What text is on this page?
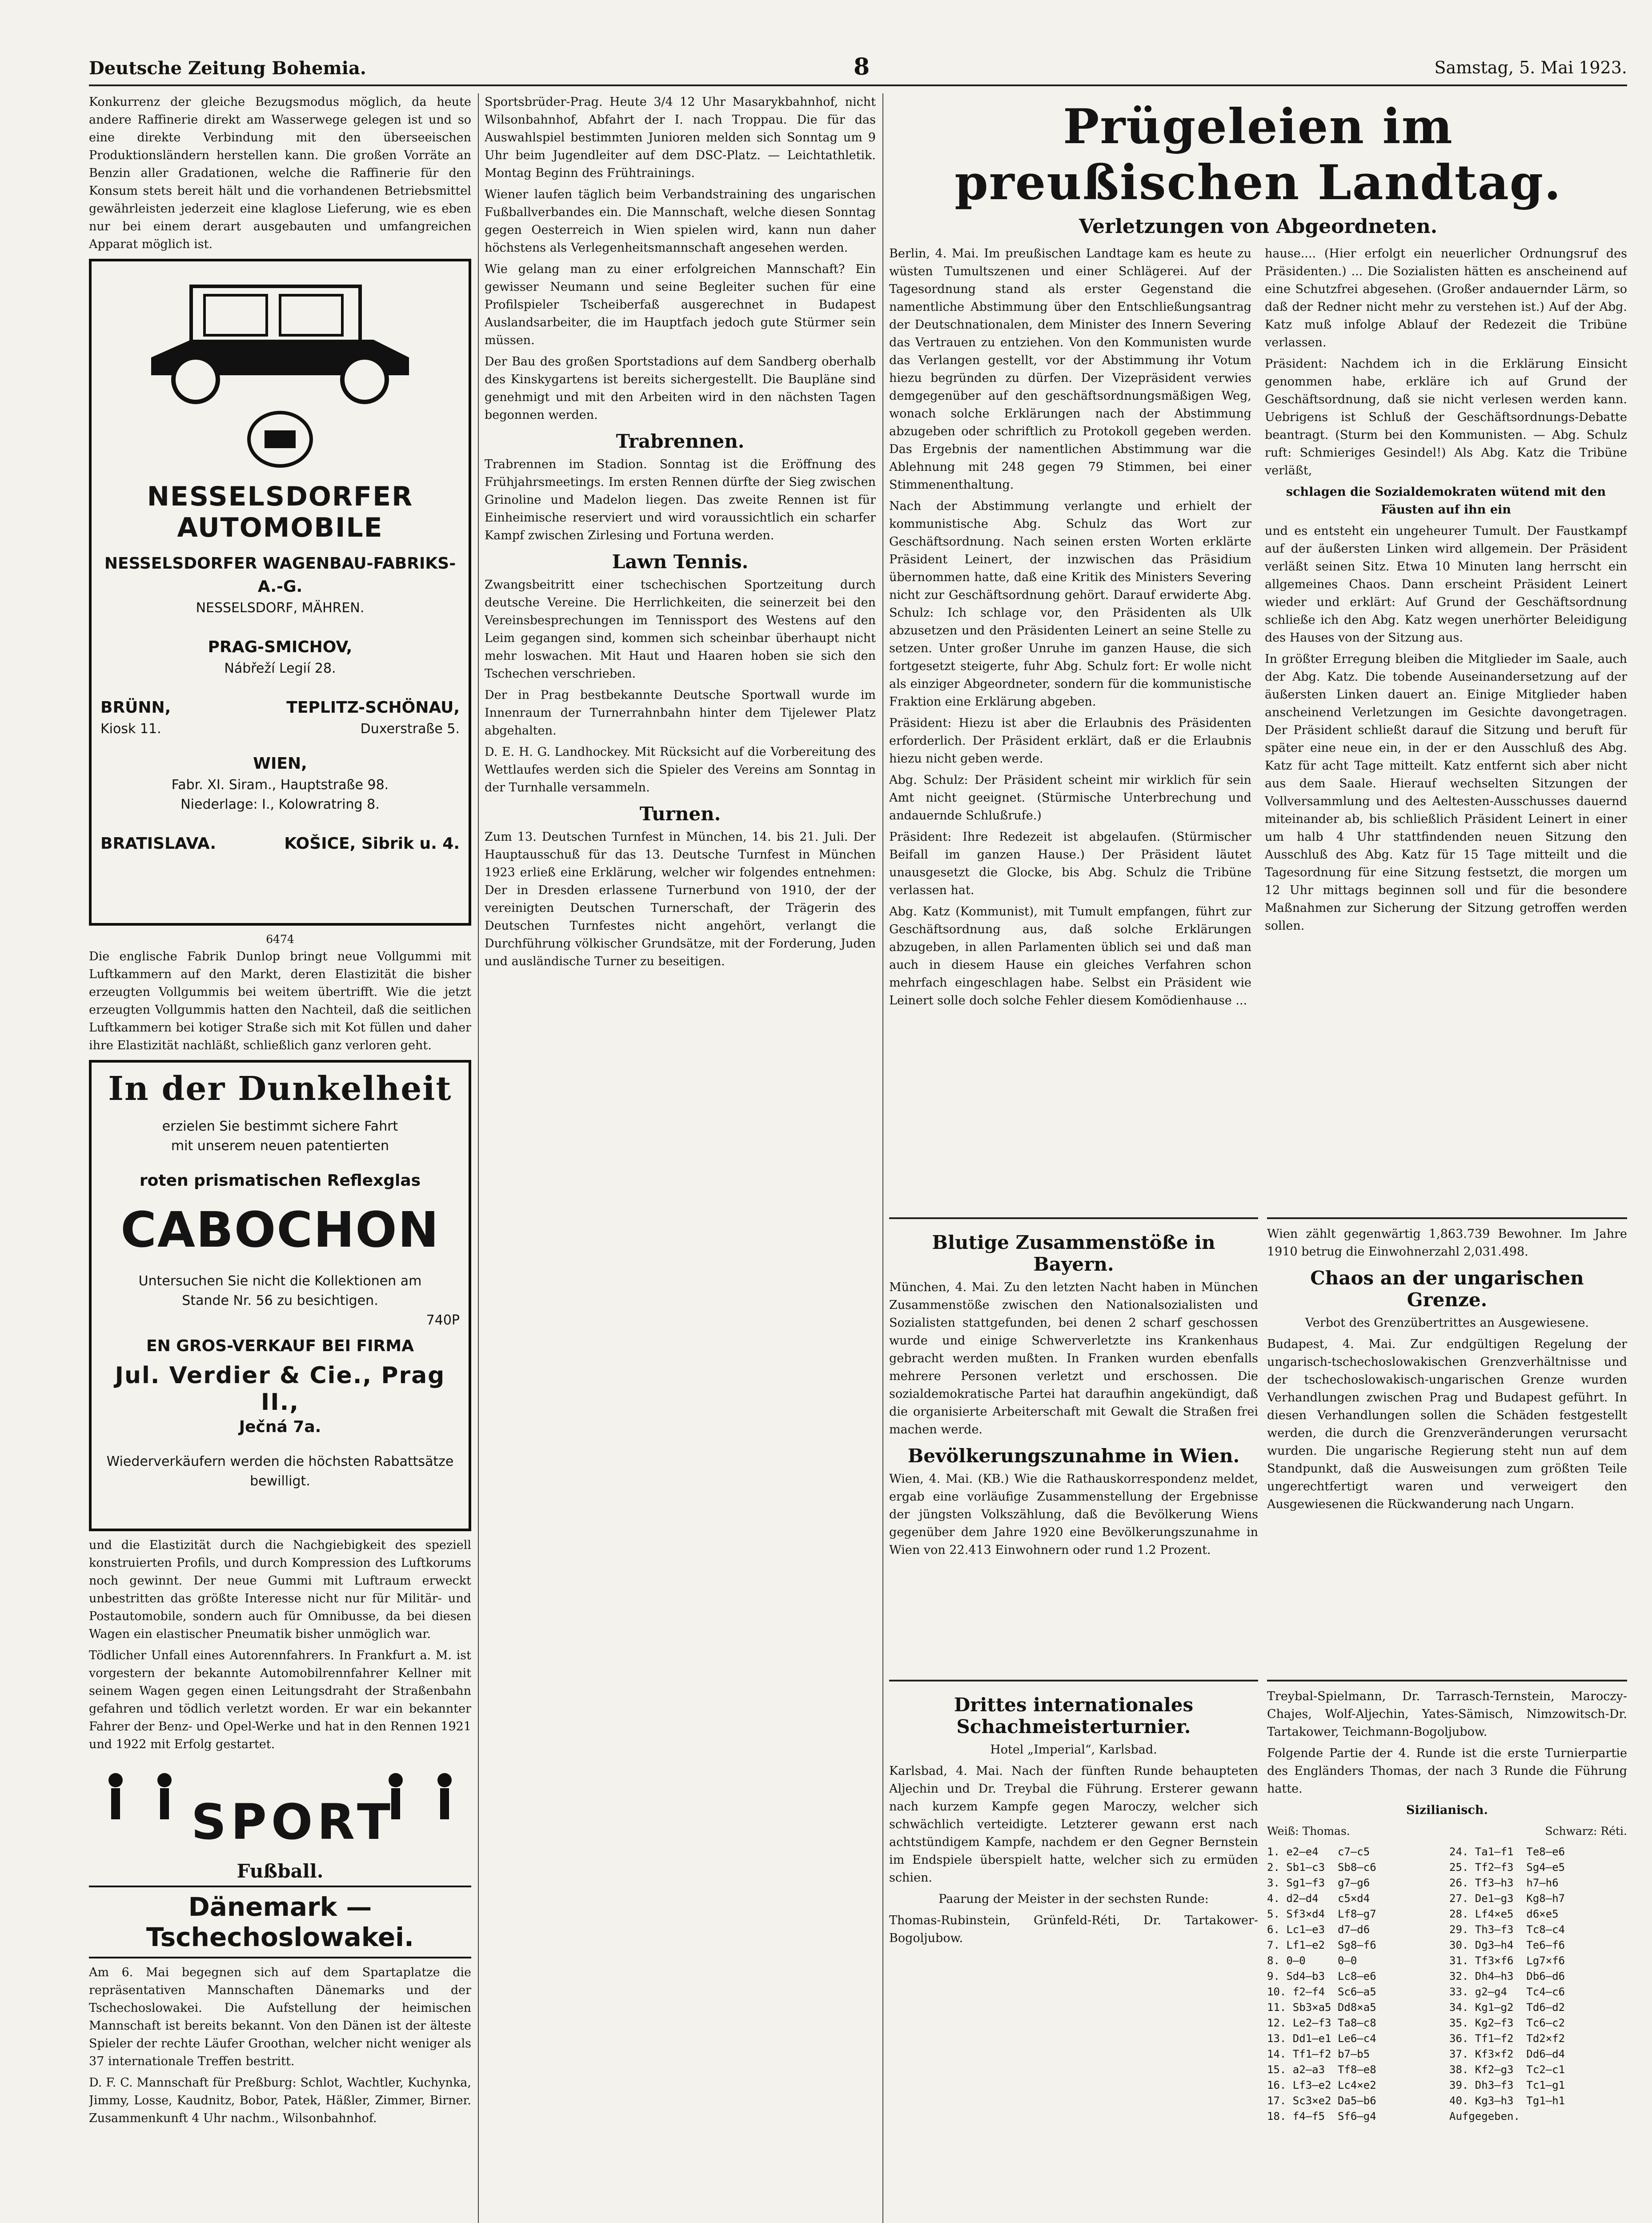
Deutsche Zeitung Bohemia.	8	Samstag, 5. Mai 1923.

Konkurrenz der gleiche Bezugsmodus möglich, da heute andere Raffinerie direkt am Wasserwege gelegen ist und so eine direkte Verbindung mit den überseeischen Produktionsländern herstellen kann. Die großen Vorräte an Benzin aller Gradationen, welche die Raffinerie für den Konsum stets bereit hält und die vorhandenen Betriebsmittel gewährleisten jederzeit eine klaglose Lieferung, wie es eben nur bei einem derart ausgebauten und umfangreichen Apparat möglich ist.

NESSELSDORFER AUTOMOBILE
NESSELSDORFER WAGENBAU-FABRIKS-A.-G.
NESSELSDORF, MÄHREN.
PRAG-SMICHOV,
Nábřeží Legií 28.
BRÜNN,
Kiosk 11.
TEPLITZ-SCHÖNAU,
Duxerstraße 5.
WIEN,
Fabr. XI. Siram., Hauptstraße 98.
Niederlage: I., Kolowratring 8.
BRATISLAVA.	KOŠICE, Sibrik u. 4.
6474

Die englische Fabrik Dunlop bringt neue Vollgummi mit Luftkammern auf den Markt, deren Elastizität die bisher erzeugten Vollgummis bei weitem übertrifft. Wie die jetzt erzeugten Vollgummis hatten den Nachteil, daß die seitlichen Luftkammern bei kotiger Straße sich mit Kot füllen und daher ihre Elastizität nachläßt, schließlich ganz verloren geht.

In der Dunkelheit
erzielen Sie bestimmt sichere Fahrt
mit unserem neuen patentierten
roten prismatischen Reflexglas
CABOCHON
Untersuchen Sie nicht die Kollektionen am Stande Nr. 56 zu besichtigen.
740P
EN GROS-VERKAUF BEI FIRMA
Jul. Verdier & Cie., Prag II.,
Ječná 7a.
Wiederverkäufern werden die höchsten Rabattsätze bewilligt.

und die Elastizität durch die Nachgiebigkeit des speziell konstruierten Profils, und durch Kompression des Luftkorums noch gewinnt. Der neue Gummi mit Luftraum erweckt unbestritten das größte Interesse nicht nur für Militär- und Postautomobile, sondern auch für Omnibusse, da bei diesen Wagen ein elastischer Pneumatik bisher unmöglich war.

Tödlicher Unfall eines Autorennfahrers. In Frankfurt a. M. ist vorgestern der bekannte Automobilrennfahrer Kellner mit seinem Wagen gegen einen Leitungsdraht der Straßenbahn gefahren und tödlich verletzt worden. Er war ein bekannter Fahrer der Benz- und Opel-Werke und hat in den Rennen 1921 und 1922 mit Erfolg gestartet.

SPORT
Fußball.
Dänemark — Tschechoslowakei.

Am 6. Mai begegnen sich auf dem Spartaplatze die repräsentativen Mannschaften Dänemarks und der Tschechoslowakei. Die Aufstellung der heimischen Mannschaft ist bereits bekannt. Von den Dänen ist der älteste Spieler der rechte Läufer Groothan, welcher nicht weniger als 37 internationale Treffen bestritt.

D. F. C. Mannschaft für Preßburg: Schlot, Wachtler, Kuchynka, Jimmy, Losse, Kaudnitz, Bobor, Patek, Häßler, Zimmer, Birner. Zusammenkunft 4 Uhr nachm., Wilsonbahnhof.

Sportsbrüder-Prag. Heute 3/4 12 Uhr Masarykbahnhof, nicht Wilsonbahnhof, Abfahrt der I. nach Troppau. Die für das Auswahlspiel bestimmten Junioren melden sich Sonntag um 9 Uhr beim Jugendleiter auf dem DSC-Platz. — Leichtathletik. Montag Beginn des Frühtrainings.

Wiener laufen täglich beim Verbandstraining des ungarischen Fußballverbandes ein. Die Mannschaft, welche diesen Sonntag gegen Oesterreich in Wien spielen wird, kann nun daher höchstens als Verlegenheitsmannschaft angesehen werden.

Wie gelang man zu einer erfolgreichen Mannschaft? Ein gewisser Neumann und seine Begleiter suchen für eine Profilspieler Tscheiberfaß ausgerechnet in Budapest Auslandsarbeiter, die im Hauptfach jedoch gute Stürmer sein müssen.

Der Bau des großen Sportstadions auf dem Sandberg oberhalb des Kinskygartens ist bereits sichergestellt. Die Baupläne sind genehmigt und mit den Arbeiten wird in den nächsten Tagen begonnen werden.

Trabrennen.

Trabrennen im Stadion. Sonntag ist die Eröffnung des Frühjahrsmeetings. Im ersten Rennen dürfte der Sieg zwischen Grinoline und Madelon liegen. Das zweite Rennen ist für Einheimische reserviert und wird voraussichtlich ein scharfer Kampf zwischen Zirlesing und Fortuna werden.

Lawn Tennis.

Zwangsbeitritt einer tschechischen Sportzeitung durch deutsche Vereine. Die Herrlichkeiten, die seinerzeit bei den Vereinsbesprechungen im Tennissport des Westens auf den Leim gegangen sind, kommen sich scheinbar überhaupt nicht mehr loswachen. Mit Haut und Haaren hoben sie sich den Tschechen verschrieben.

Der in Prag bestbekannte Deutsche Sportwall wurde im Innenraum der Turnerrahnbahn hinter dem Tijelewer Platz abgehalten.

D. E. H. G. Landhockey. Mit Rücksicht auf die Vorbereitung des Wettlaufes werden sich die Spieler des Vereins am Sonntag in der Turnhalle versammeln.

Turnen.

Zum 13. Deutschen Turnfest in München, 14. bis 21. Juli. Der Hauptausschuß für das 13. Deutsche Turnfest in München 1923 erließ eine Erklärung, welcher wir folgendes entnehmen: Der in Dresden erlassene Turnerbund von 1910, der der vereinigten Deutschen Turnerschaft, der Trägerin des Deutschen Turnfestes nicht angehört, verlangt die Durchführung völkischer Grundsätze, mit der Forderung, Juden und ausländische Turner zu beseitigen.

Prügeleien im preußischen Landtag.
Verletzungen von Abgeordneten.

Berlin, 4. Mai. Im preußischen Landtage kam es heute zu wüsten Tumultszenen und einer Schlägerei. Auf der Tagesordnung stand als erster Gegenstand die namentliche Abstimmung über den Entschließungsantrag der Deutschnationalen, dem Minister des Innern Severing das Vertrauen zu entziehen. Von den Kommunisten wurde das Verlangen gestellt, vor der Abstimmung ihr Votum hiezu begründen zu dürfen. Der Vizepräsident verwies demgegenüber auf den geschäftsordnungsmäßigen Weg, wonach solche Erklärungen nach der Abstimmung abzugeben oder schriftlich zu Protokoll gegeben werden. Das Ergebnis der namentlichen Abstimmung war die Ablehnung mit 248 gegen 79 Stimmen, bei einer Stimmenenthaltung.

Nach der Abstimmung verlangte und erhielt der kommunistische Abg. Schulz das Wort zur Geschäftsordnung. Nach seinen ersten Worten erklärte Präsident Leinert, der inzwischen das Präsidium übernommen hatte, daß eine Kritik des Ministers Severing nicht zur Geschäftsordnung gehört. Darauf erwiderte Abg. Schulz: Ich schlage vor, den Präsidenten als Ulk abzusetzen und den Präsidenten Leinert an seine Stelle zu setzen. Unter großer Unruhe im ganzen Hause, die sich fortgesetzt steigerte, fuhr Abg. Schulz fort: Er wolle nicht als einziger Abgeordneter, sondern für die kommunistische Fraktion eine Erklärung abgeben.

Präsident: Hiezu ist aber die Erlaubnis des Präsidenten erforderlich. Der Präsident erklärt, daß er die Erlaubnis hiezu nicht geben werde.

Abg. Schulz: Der Präsident scheint mir wirklich für sein Amt nicht geeignet. (Stürmische Unterbrechung und andauernde Schlußrufe.)

Präsident: Ihre Redezeit ist abgelaufen. (Stürmischer Beifall im ganzen Hause.) Der Präsident läutet unausgesetzt die Glocke, bis Abg. Schulz die Tribüne verlassen hat.

Abg. Katz (Kommunist), mit Tumult empfangen, führt zur Geschäftsordnung aus, daß solche Erklärungen abzugeben, in allen Parlamenten üblich sei und daß man auch in diesem Hause ein gleiches Verfahren schon mehrfach eingeschlagen habe. Selbst ein Präsident wie Leinert solle doch solche Fehler diesem Komödienhause ...

hause.... (Hier erfolgt ein neuerlicher Ordnungsruf des Präsidenten.) ... Die Sozialisten hätten es anscheinend auf eine Schutzfrei abgesehen. (Großer andauernder Lärm, so daß der Redner nicht mehr zu verstehen ist.) Auf der Abg. Katz muß infolge Ablauf der Redezeit die Tribüne verlassen.

Präsident: Nachdem ich in die Erklärung Einsicht genommen habe, erkläre ich auf Grund der Geschäftsordnung, daß sie nicht verlesen werden kann. Uebrigens ist Schluß der Geschäftsordnungs-Debatte beantragt. (Sturm bei den Kommunisten. — Abg. Schulz ruft: Schmieriges Gesindel!) Als Abg. Katz die Tribüne verläßt,

schlagen die Sozialdemokraten wütend mit den Fäusten auf ihn ein

und es entsteht ein ungeheurer Tumult. Der Faustkampf auf der äußersten Linken wird allgemein. Der Präsident verläßt seinen Sitz. Etwa 10 Minuten lang herrscht ein allgemeines Chaos. Dann erscheint Präsident Leinert wieder und erklärt: Auf Grund der Geschäftsordnung schließe ich den Abg. Katz wegen unerhörter Beleidigung des Hauses von der Sitzung aus.

In größter Erregung bleiben die Mitglieder im Saale, auch der Abg. Katz. Die tobende Auseinandersetzung auf der äußersten Linken dauert an. Einige Mitglieder haben anscheinend Verletzungen im Gesichte davongetragen. Der Präsident schließt darauf die Sitzung und beruft für später eine neue ein, in der er den Ausschluß des Abg. Katz für acht Tage mitteilt. Katz entfernt sich aber nicht aus dem Saale. Hierauf wechselten Sitzungen der Vollversammlung und des Aeltesten-Ausschusses dauernd miteinander ab, bis schließlich Präsident Leinert in einer um halb 4 Uhr stattfindenden neuen Sitzung den Ausschluß des Abg. Katz für 15 Tage mitteilt und die Tagesordnung für eine Sitzung festsetzt, die morgen um 12 Uhr mittags beginnen soll und für die besondere Maßnahmen zur Sicherung der Sitzung getroffen werden sollen.

Blutige Zusammenstöße in Bayern.

München, 4. Mai. Zu den letzten Nacht haben in München Zusammenstöße zwischen den Nationalsozialisten und Sozialisten stattgefunden, bei denen 2 scharf geschossen wurde und einige Schwerverletzte ins Krankenhaus gebracht werden mußten. In Franken wurden ebenfalls mehrere Personen verletzt und erschossen. Die sozialdemokratische Partei hat daraufhin angekündigt, daß die organisierte Arbeiterschaft mit Gewalt die Straßen frei machen werde.

Bevölkerungszunahme in Wien.

Wien, 4. Mai. (KB.) Wie die Rathauskorrespondenz meldet, ergab eine vorläufige Zusammenstellung der Ergebnisse der jüngsten Volkszählung, daß die Bevölkerung Wiens gegenüber dem Jahre 1920 eine Bevölkerungszunahme in Wien von 22.413 Einwohnern oder rund 1.2 Prozent.

Wien zählt gegenwärtig 1,863.739 Bewohner. Im Jahre 1910 betrug die Einwohnerzahl 2,031.498.

Chaos an der ungarischen Grenze.

Verbot des Grenzübertrittes an Ausgewiesene.

Budapest, 4. Mai. Zur endgültigen Regelung der ungarisch-tschechoslowakischen Grenzverhältnisse und der tschechoslowakisch-ungarischen Grenze wurden Verhandlungen zwischen Prag und Budapest geführt. In diesen Verhandlungen sollen die Schäden festgestellt werden, die durch die Grenzveränderungen verursacht wurden. Die ungarische Regierung steht nun auf dem Standpunkt, daß die Ausweisungen zum größten Teile ungerechtfertigt waren und verweigert den Ausgewiesenen die Rückwanderung nach Ungarn.

Drittes internationales Schachmeisterturnier.

Hotel „Imperial“, Karlsbad.

Karlsbad, 4. Mai. Nach der fünften Runde behaupteten Aljechin und Dr. Treybal die Führung. Ersterer gewann nach kurzem Kampfe gegen Maroczy, welcher sich schwächlich verteidigte. Letzterer gewann erst nach achtstündigem Kampfe, nachdem er den Gegner Bernstein im Endspiele überspielt hatte, welcher sich zu ermüden schien.

Paarung der Meister in der sechsten Runde:

Thomas-Rubinstein, Grünfeld-Réti, Dr. Tartakower-Bogoljubow.

Treybal-Spielmann, Dr. Tarrasch-Ternstein, Maroczy-Chajes, Wolf-Aljechin, Yates-Sämisch, Nimzowitsch-Dr. Tartakower, Teichmann-Bogoljubow.

Folgende Partie der 4. Runde ist die erste Turnierpartie des Engländers Thomas, der nach 3 Runde die Führung hatte.

Sizilianisch.

Weiß: Thomas.	Schwarz: Réti.
1. e2—e4   c7—c5
2. Sb1—c3  Sb8—c6
3. Sg1—f3  g7—g6
4. d2—d4   c5×d4
5. Sf3×d4  Lf8—g7
6. Lc1—e3  d7—d6
7. Lf1—e2  Sg8—f6
8. 0—0     0—0
9. Sd4—b3  Lc8—e6
10. f2—f4  Sc6—a5
11. Sb3×a5 Dd8×a5
12. Le2—f3 Ta8—c8
13. Dd1—e1 Le6—c4
14. Tf1—f2 b7—b5
15. a2—a3  Tf8—e8
16. Lf3—e2 Lc4×e2
17. Sc3×e2 Da5—b6
18. f4—f5  Sf6—g4
24. Ta1—f1  Te8—e6
25. Tf2—f3  Sg4—e5
26. Tf3—h3  h7—h6
27. De1—g3  Kg8—h7
28. Lf4×e5  d6×e5
29. Th3—f3  Tc8—c4
30. Dg3—h4  Te6—f6
31. Tf3×f6  Lg7×f6
32. Dh4—h3  Db6—d6
33. g2—g4   Tc4—c6
34. Kg1—g2  Td6—d2
35. Kg2—f3  Tc6—c2
36. Tf1—f2  Td2×f2
37. Kf3×f2  Dd6—d4
38. Kf2—g3  Tc2—c1
39. Dh3—f3  Tc1—g1
40. Kg3—h3  Tg1—h1
Aufgegeben.
